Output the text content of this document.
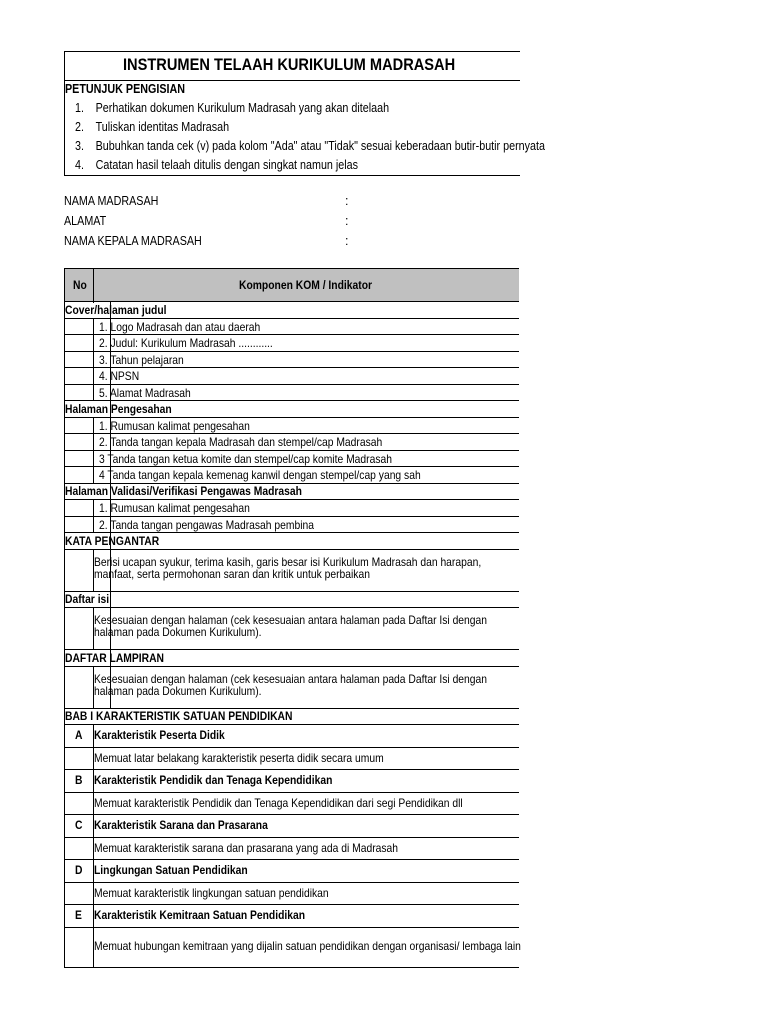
INSTRUMEN TELAAH KURIKULUM MADRASAH
PETUNJUK PENGISIAN
1. Perhatikan dokumen Kurikulum Madrasah yang akan ditelaah
2. Tuliskan identitas Madrasah
3. Bubuhkan tanda cek (v) pada kolom "Ada" atau "Tidak" sesuai keberadaan butir-butir pernyata
4. Catatan hasil telaah ditulis dengan singkat namun jelas
NAMA MADRASAH	:
ALAMAT	:
NAMA KEPALA MADRASAH	:
No	Komponen KOM / Indikator
Cover/halaman judul
1. Logo Madrasah dan atau daerah
2. Judul: Kurikulum Madrasah ............
3. Tahun pelajaran
4. NPSN
5. Alamat Madrasah
Halaman Pengesahan
1. Rumusan kalimat pengesahan
2. Tanda tangan kepala Madrasah dan stempel/cap Madrasah
3 Tanda tangan ketua komite dan stempel/cap komite Madrasah
4 Tanda tangan kepala kemenag kanwil dengan stempel/cap yang sah
Halaman Validasi/Verifikasi Pengawas Madrasah
1. Rumusan kalimat pengesahan
2. Tanda tangan pengawas Madrasah pembina
KATA PENGANTAR
Berisi ucapan syukur, terima kasih, garis besar isi Kurikulum Madrasah dan harapan,
manfaat, serta permohonan saran dan kritik untuk perbaikan
Daftar isi
Kesesuaian dengan halaman (cek kesesuaian antara halaman pada Daftar Isi dengan
halaman pada Dokumen Kurikulum).
DAFTAR LAMPIRAN
Kesesuaian dengan halaman (cek kesesuaian antara halaman pada Daftar Isi dengan
halaman pada Dokumen Kurikulum).
BAB I KARAKTERISTIK SATUAN PENDIDIKAN
A Karakteristik Peserta Didik
Memuat latar belakang karakteristik peserta didik secara umum
B Karakteristik Pendidik dan Tenaga Kependidikan
Memuat karakteristik Pendidik dan Tenaga Kependidikan dari segi Pendidikan dll
C Karakteristik Sarana dan Prasarana
Memuat karakteristik sarana dan prasarana yang ada di Madrasah
D Lingkungan Satuan Pendidikan
Memuat karakteristik lingkungan satuan pendidikan
E Karakteristik Kemitraan Satuan Pendidikan
Memuat hubungan kemitraan yang dijalin satuan pendidikan dengan organisasi/ lembaga lain
